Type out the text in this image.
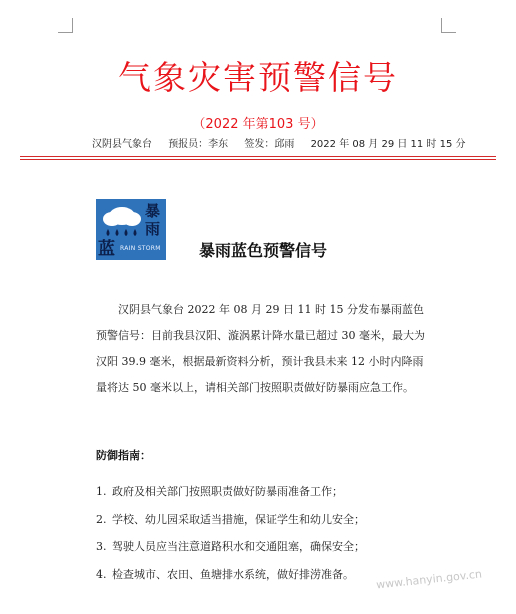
气象灾害预警信号
（2022 年第103 号）
汉阴县气象台 预报员：李东 签发：邱雨 2022 年 08 月 29 日 11 时 15 分
暴
雨
蓝 RAIN STORM 暴雨蓝色预警信号
汉阴县气象台 2022 年 08 月 29 日 11 时 15 分发布暴雨蓝色预警信号：目前我县汉阳、漩涡累计降水量已超过 30 毫米，最大为汉阳 39.9 毫米，根据最新资料分析，预计我县未来 12 小时内降雨量将达 50 毫米以上，请相关部门按照职责做好防暴雨应急工作。
防御指南：
1. 政府及相关部门按照职责做好防暴雨准备工作；
2. 学校、幼儿园采取适当措施，保证学生和幼儿安全；
3. 驾驶人员应当注意道路积水和交通阻塞，确保安全；
4. 检查城市、农田、鱼塘排水系统，做好排涝准备。	www.hanyin.gov.cn
